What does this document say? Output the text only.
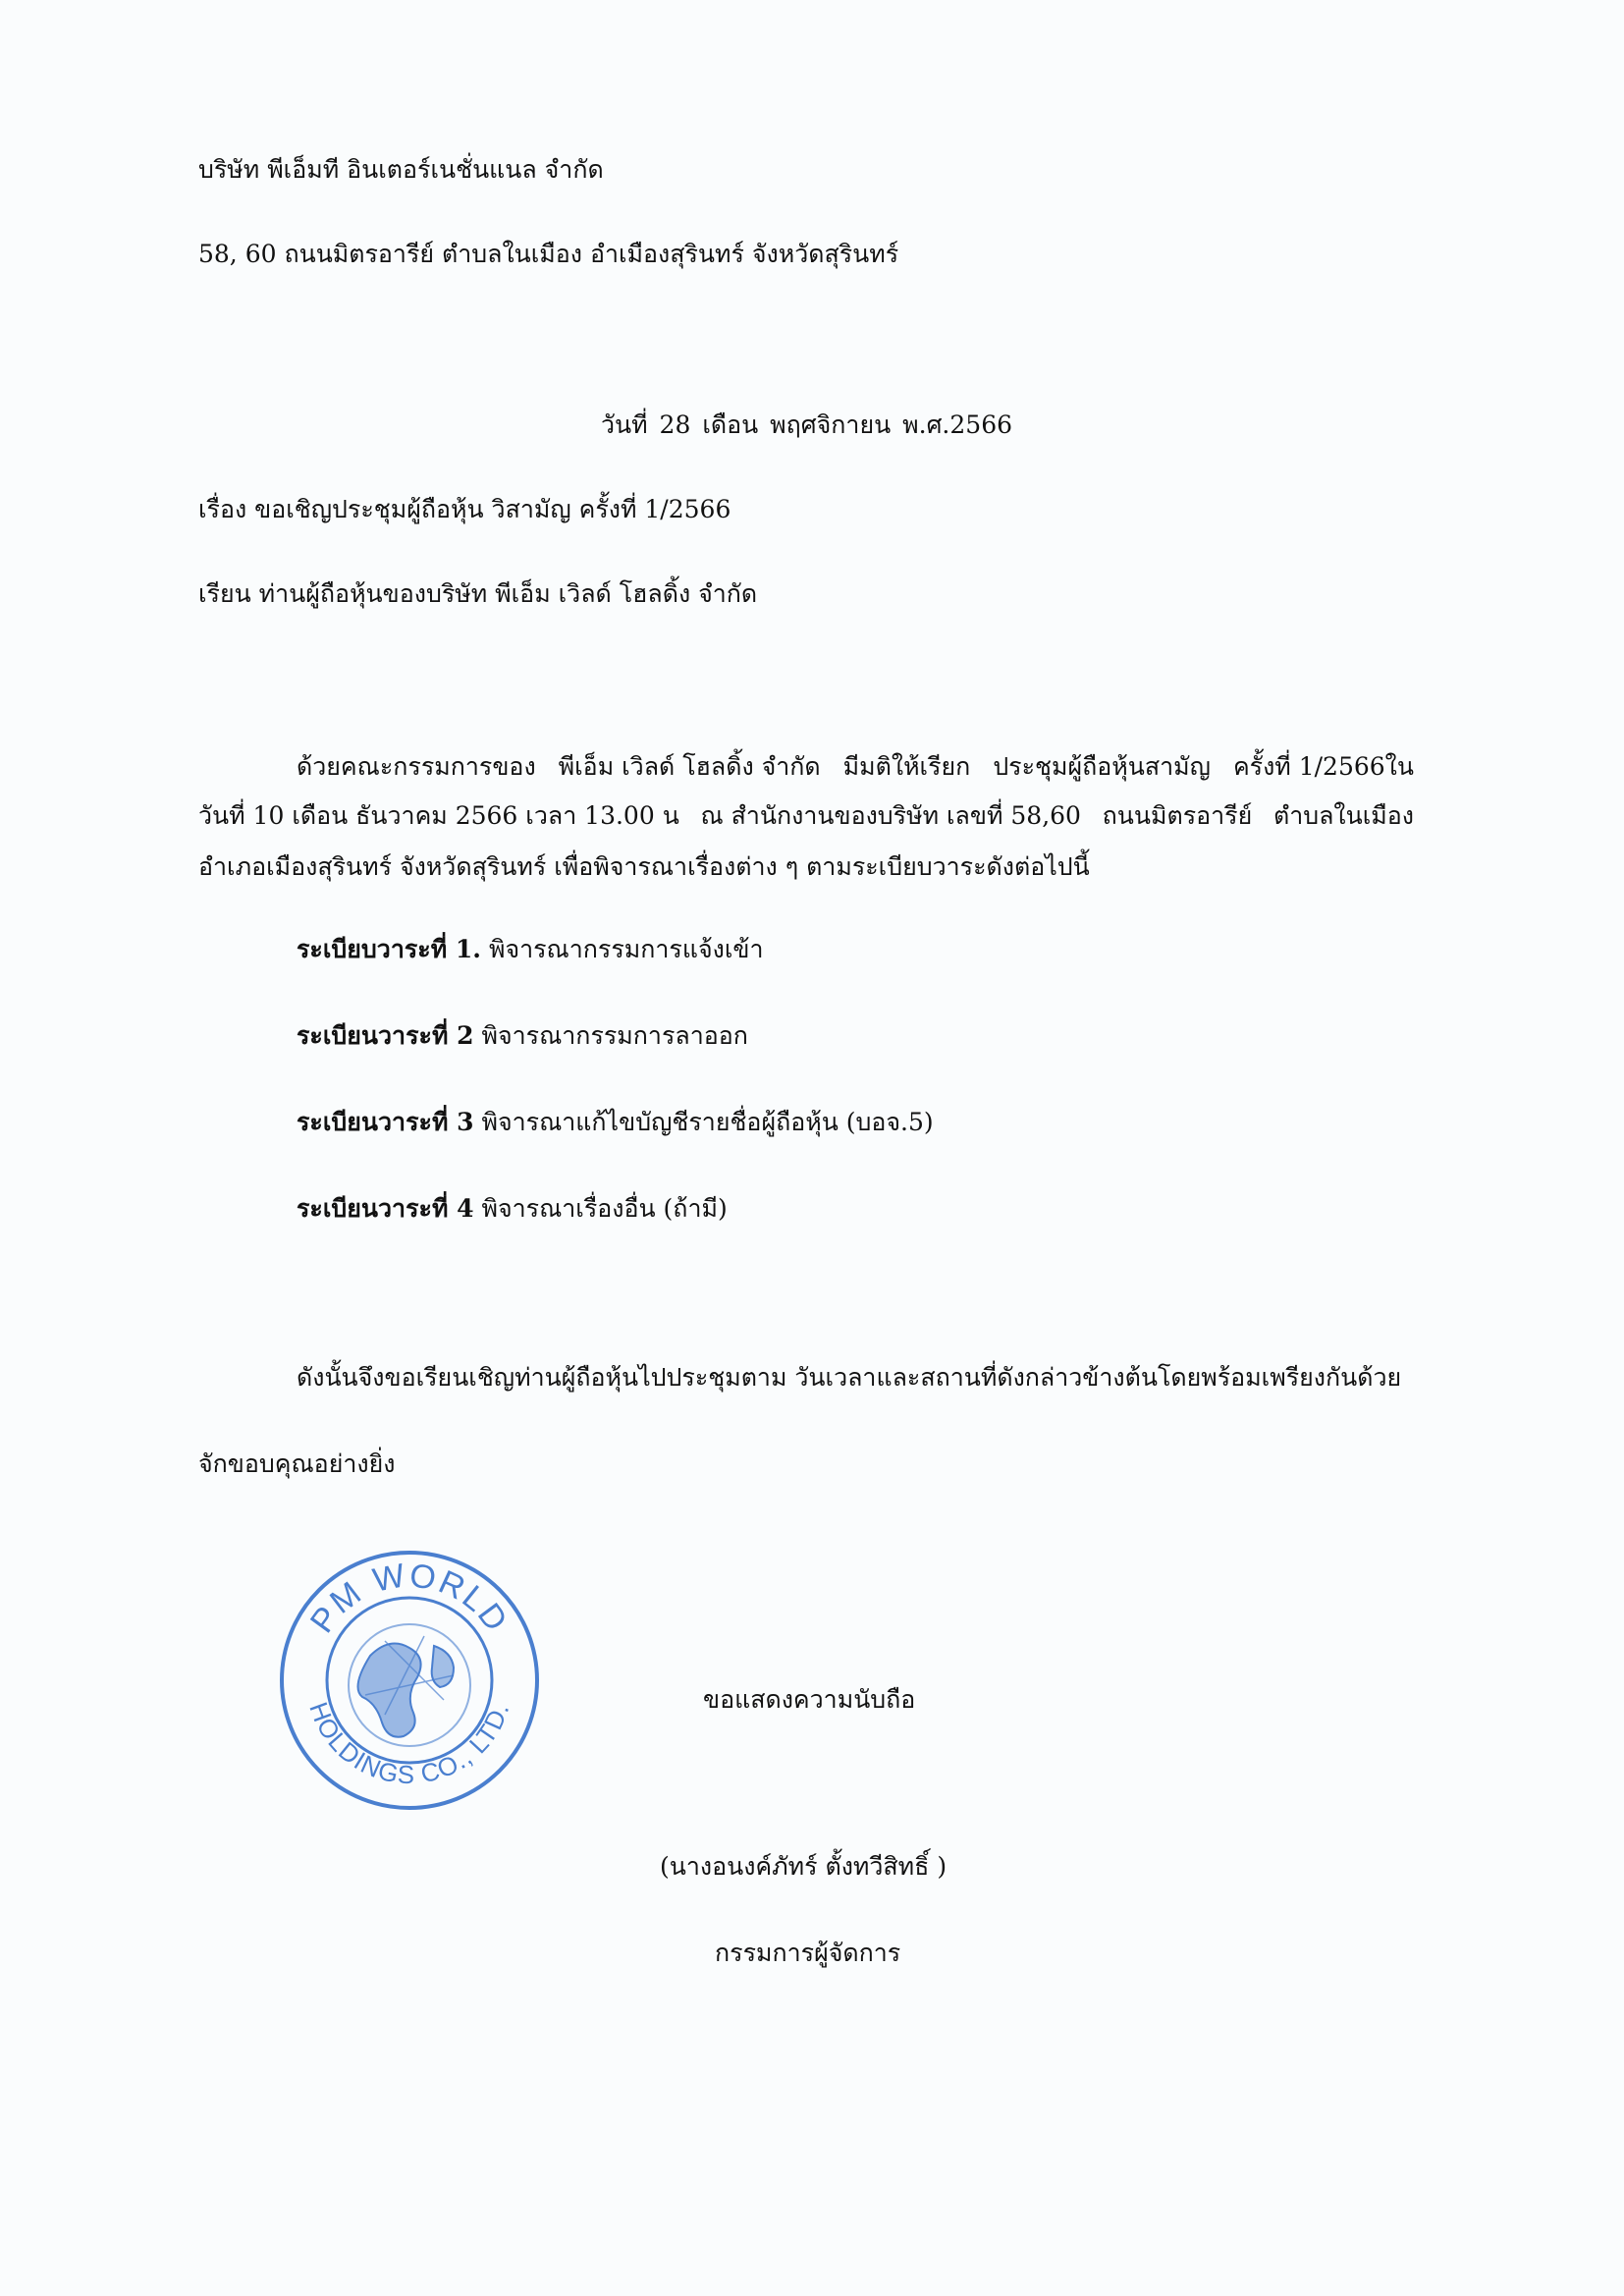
บริษัท พีเอ็มที อินเตอร์เนชั่นแนล จำกัด
58, 60 ถนนมิตรอารีย์ ตำบลในเมือง อำเมืองสุรินทร์ จังหวัดสุรินทร์
วันที่ 28 เดือน พฤศจิกายน พ.ศ.2566
เรื่อง ขอเชิญประชุมผู้ถือหุ้น วิสามัญ ครั้งที่ 1/2566
เรียน ท่านผู้ถือหุ้นของบริษัท พีเอ็ม เวิลด์ โฮลดิ้ง จำกัด
ด้วยคณะกรรมการของ พีเอ็ม เวิลด์ โฮลดิ้ง จำกัด มีมติให้เรียก ประชุมผู้ถือหุ้นสามัญ ครั้งที่ 1/2566ใน
วันที่ 10 เดือน ธันวาคม 2566 เวลา 13.00 น ณ สำนักงานของบริษัท เลขที่ 58,60 ถนนมิตรอารีย์ ตำบลในเมือง
อำเภอเมืองสุรินทร์ จังหวัดสุรินทร์ เพื่อพิจารณาเรื่องต่าง ๆ ตามระเบียบวาระดังต่อไปนี้
ระเบียบวาระที่ 1. พิจารณากรรมการแจ้งเข้า
ระเบียนวาระที่ 2 พิจารณากรรมการลาออก
ระเบียนวาระที่ 3 พิจารณาแก้ไขบัญชีรายชื่อผู้ถือหุ้น (บอจ.5)
ระเบียนวาระที่ 4 พิจารณาเรื่องอื่น (ถ้ามี)
ดังนั้นจึงขอเรียนเชิญท่านผู้ถือหุ้นไปประชุมตาม วันเวลาและสถานที่ดังกล่าวข้างต้นโดยพร้อมเพรียงกันด้วย
จักขอบคุณอย่างยิ่ง
PM WORLD
HOLDINGS CO., LTD.	ขอแสดงความนับถือ
(นางอนงค์ภัทร์ ตั้งทวีสิทธิ์ )
กรรมการผู้จัดการ
